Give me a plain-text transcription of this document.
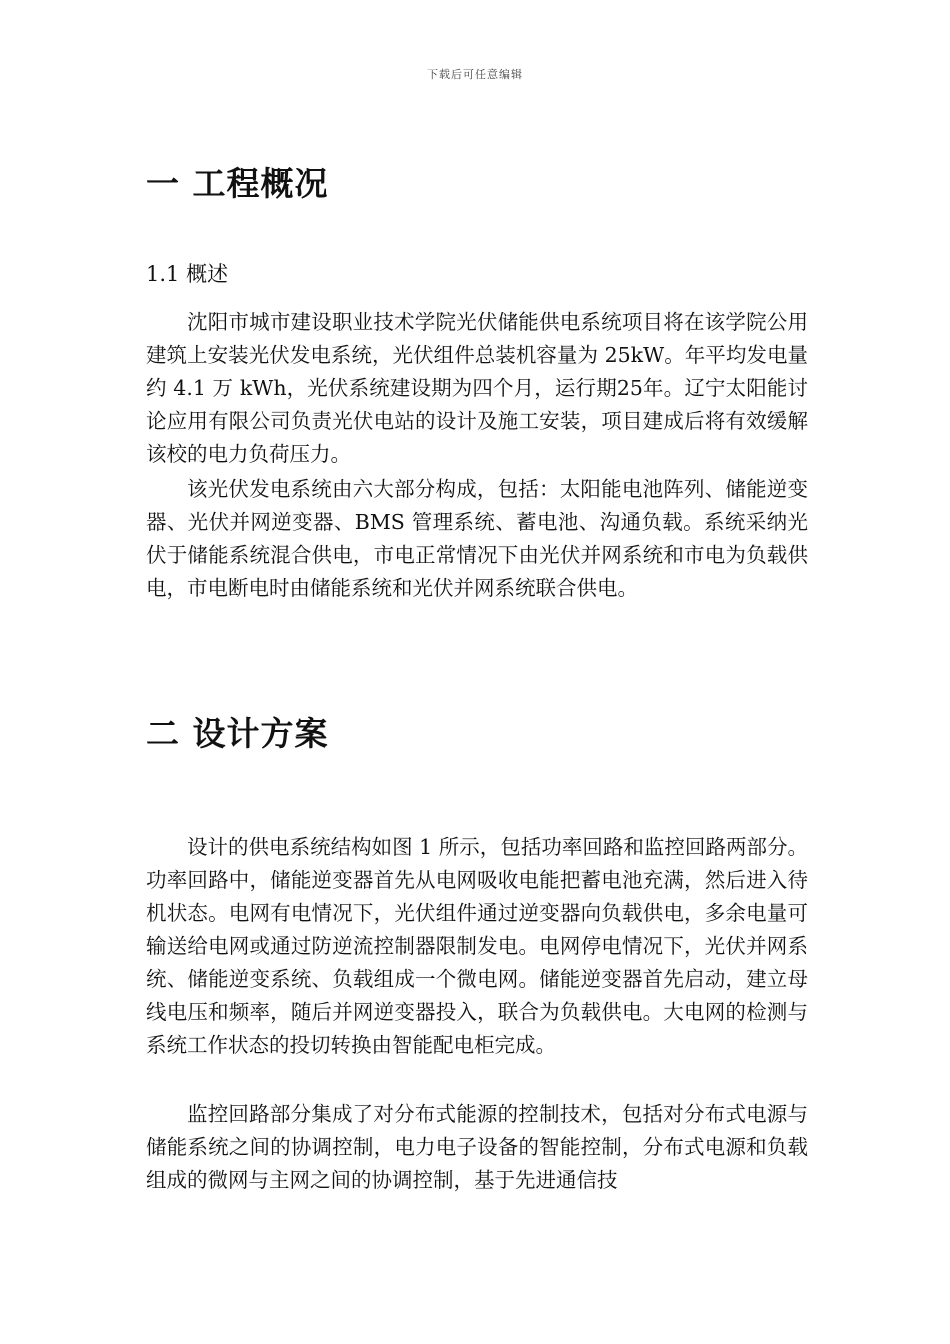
下载后可任意编辑
一 工程概况
1.1 概述
沈阳市城市建设职业技术学院光伏储能供电系统项目将在该学院公用建筑上安装光伏发电系统，光伏组件总装机容量为 25kW。年平均发电量约 4.1 万 kWh，光伏系统建设期为四个月，运行期25年。辽宁太阳能讨论应用有限公司负责光伏电站的设计及施工安装，项目建成后将有效缓解该校的电力负荷压力。
该光伏发电系统由六大部分构成，包括：太阳能电池阵列、储能逆变器、光伏并网逆变器、BMS 管理系统、蓄电池、沟通负载。系统采纳光伏于储能系统混合供电，市电正常情况下由光伏并网系统和市电为负载供电，市电断电时由储能系统和光伏并网系统联合供电。
二 设计方案
设计的供电系统结构如图 1 所示，包括功率回路和监控回路两部分。功率回路中，储能逆变器首先从电网吸收电能把蓄电池充满，然后进入待机状态。电网有电情况下，光伏组件通过逆变器向负载供电，多余电量可输送给电网或通过防逆流控制器限制发电。电网停电情况下，光伏并网系统、储能逆变系统、负载组成一个微电网。储能逆变器首先启动，建立母线电压和频率，随后并网逆变器投入，联合为负载供电。大电网的检测与系统工作状态的投切转换由智能配电柜完成。
监控回路部分集成了对分布式能源的控制技术，包括对分布式电源与储能系统之间的协调控制，电力电子设备的智能控制，分布式电源和负载组成的微网与主网之间的协调控制，基于先进通信技
